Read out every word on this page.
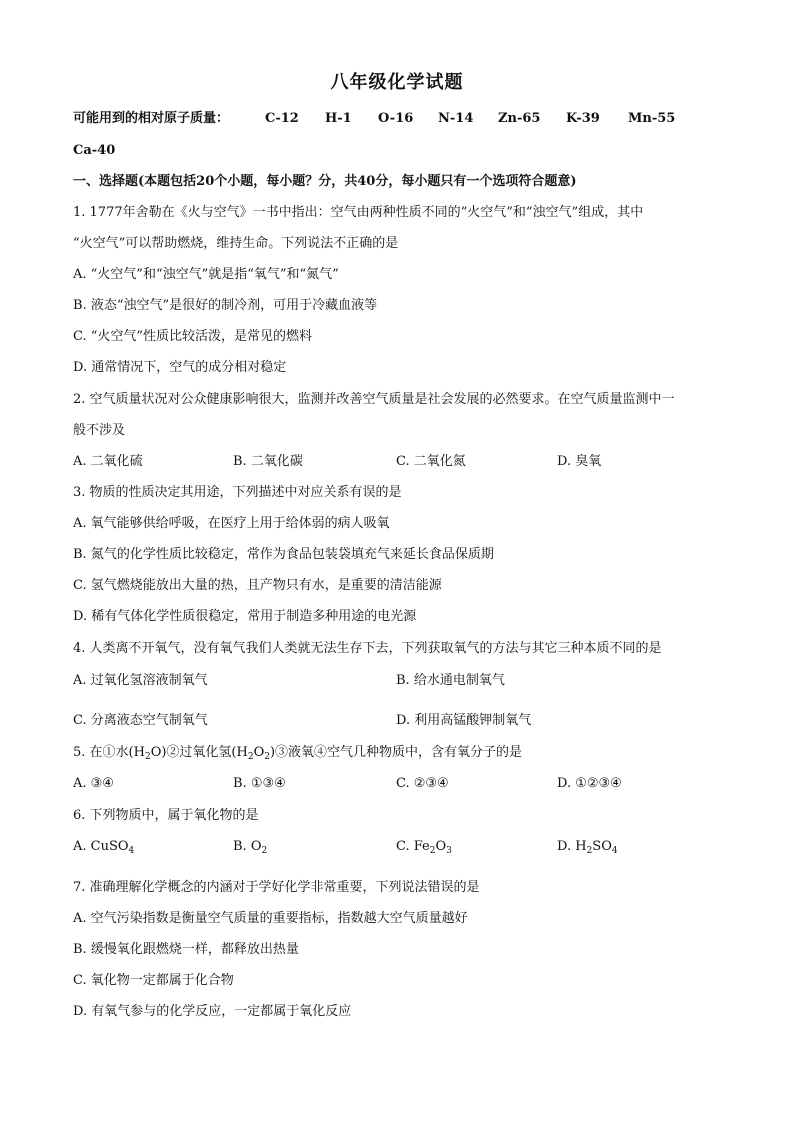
八年级化学试题
可能用到的相对原子质量：	C-12 H-1 O-16 N-14 Zn-65 K-39 Mn-55
Ca-40
一、选择题(本题包括20个小题，每小题？分，共40分，每小题只有一个选项符合题意)
1. 1777年舍勒在《火与空气》一书中指出：空气由两种性质不同的“火空气”和“浊空气”组成，其中
“火空气”可以帮助燃烧，维持生命。下列说法不正确的是
A. “火空气”和“浊空气”就是指“氧气”和“氮气”
B. 液态“浊空气”是很好的制冷剂，可用于冷藏血液等
C. “火空气”性质比较活泼，是常见的燃料
D. 通常情况下，空气的成分相对稳定
2. 空气质量状况对公众健康影响很大，监测并改善空气质量是社会发展的必然要求。在空气质量监测中一
般不涉及
A. 二氧化硫	B. 二氧化碳	C. 二氧化氮	D. 臭氧
3. 物质的性质决定其用途，下列描述中对应关系有误的是
A. 氧气能够供给呼吸，在医疗上用于给体弱的病人吸氧
B. 氮气的化学性质比较稳定，常作为食品包装袋填充气来延长食品保质期
C. 氢气燃烧能放出大量的热，且产物只有水，是重要的清洁能源
D. 稀有气体化学性质很稳定，常用于制造多种用途的电光源
4. 人类离不开氧气，没有氧气我们人类就无法生存下去，下列获取氧气的方法与其它三种本质不同的是
A. 过氧化氢溶液制氧气	B. 给水通电制氧气
C. 分离液态空气制氧气	D. 利用高锰酸钾制氧气
5. 在①水$(H_2O)②$过氧化氢$(H_2O_2)③$液氧④空气几种物质中，含有氧分子的是
A. ③④	B. ①③④	C. ②③④	D. ①②③④
6. 下列物质中，属于氧化物的是
A. CuSO$_4$	B. $O_2$	C. $Fe_2O_3$	D. $H_2SO_4$
7. 准确理解化学概念的内涵对于学好化学非常重要，下列说法错误的是
A. 空气污染指数是衡量空气质量的重要指标，指数越大空气质量越好
B. 缓慢氧化跟燃烧一样，都释放出热量
C. 氧化物一定都属于化合物
D. 有氧气参与的化学反应，一定都属于氧化反应
